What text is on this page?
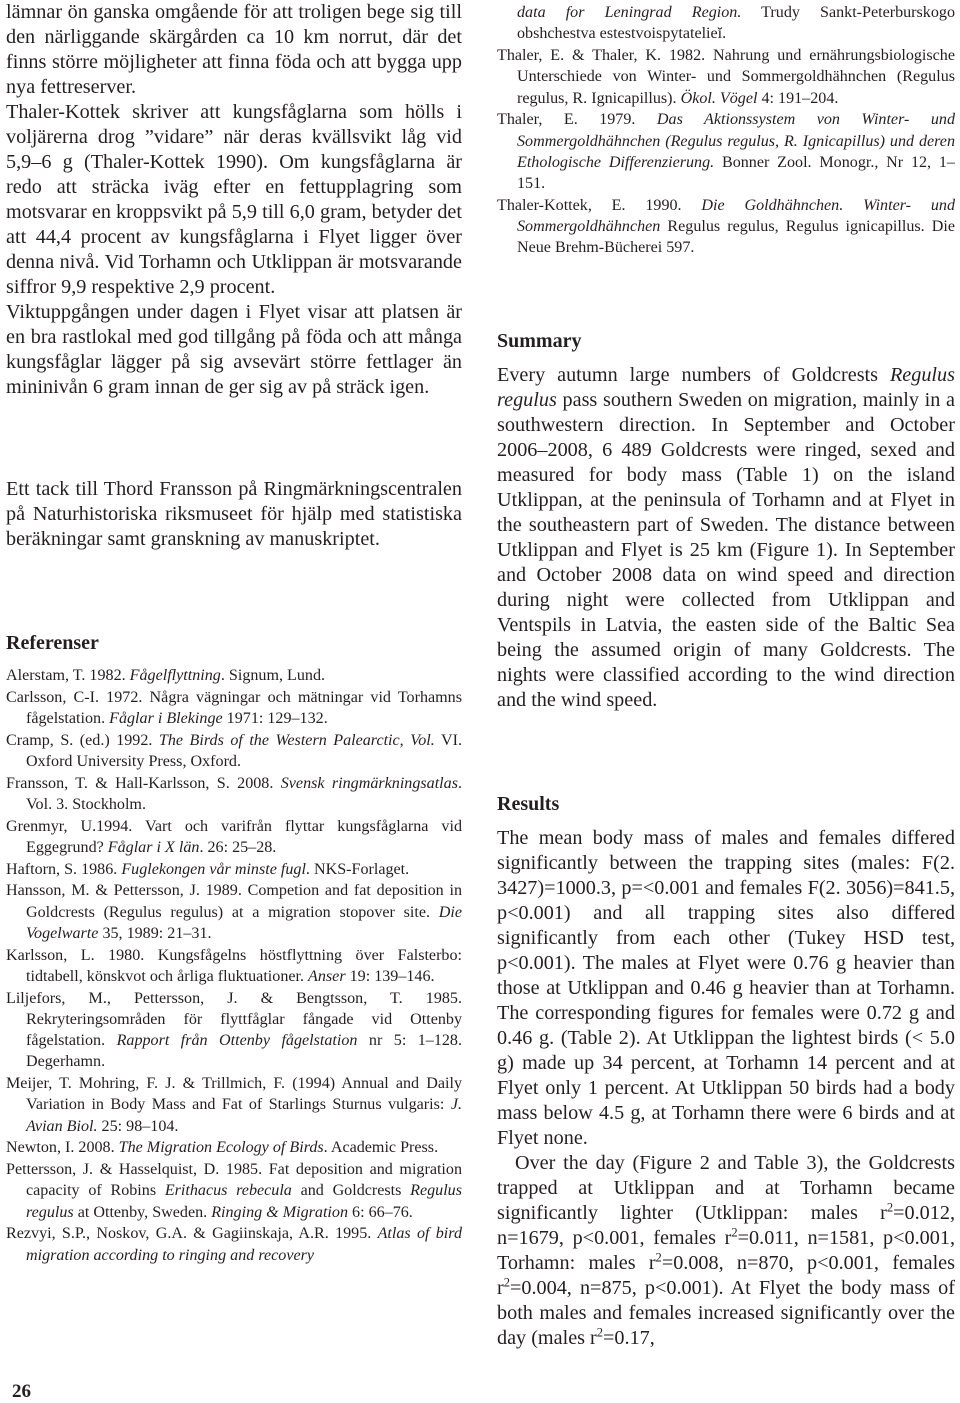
lämnar ön ganska omgående för att troligen bege sig till den närliggande skärgården ca 10 km norrut, där det finns större möjligheter att finna föda och att bygga upp nya fettreserver.
Thaler-Kottek skriver att kungsfåglarna som hölls i voljärerna drog ”vidare” när deras kvällsvikt låg vid 5,9–6 g (Thaler-Kottek 1990). Om kungsfåglarna är redo att sträcka iväg efter en fettupplagring som motsvarar en kroppsvikt på 5,9 till 6,0 gram, betyder det att 44,4 procent av kungsfåglarna i Flyet ligger över denna nivå. Vid Torhamn och Utklippan är motsvarande siffror 9,9 respektive 2,9 procent.
Viktuppgången under dagen i Flyet visar att platsen är en bra rastlokal med god tillgång på föda och att många kungsfåglar lägger på sig avsevärt större fettlager än mininivån 6 gram innan de ger sig av på sträck igen.

Ett tack till Thord Fransson på Ringmärkningscentralen på Naturhistoriska riksmuseet för hjälp med statistiska beräkningar samt granskning av manuskriptet.

Referenser

Alerstam, T. 1982. Fågelflyttning. Signum, Lund.

Carlsson, C-I. 1972. Några vägningar och mätningar vid Torhamns fågelstation. Fåglar i Blekinge 1971: 129–132.

Cramp, S. (ed.) 1992. The Birds of the Western Palearctic, Vol. VI. Oxford University Press, Oxford.

Fransson, T. & Hall-Karlsson, S. 2008. Svensk ringmärkningsatlas. Vol. 3. Stockholm.

Grenmyr, U.1994. Vart och varifrån flyttar kungsfåglarna vid Eggegrund? Fåglar i X län. 26: 25–28.

Haftorn, S. 1986. Fuglekongen vår minste fugl. NKS-Forlaget.

Hansson, M. & Pettersson, J. 1989. Competion and fat deposition in Goldcrests (Regulus regulus) at a migration stopover site. Die Vogelwarte 35, 1989: 21–31.

Karlsson, L. 1980. Kungsfågelns höstflyttning över Falsterbo: tidtabell, könskvot och årliga fluktuationer. Anser 19: 139–146.

Liljefors, M., Pettersson, J. & Bengtsson, T. 1985. Rekryteringsområden för flyttfåglar fångade vid Ottenby fågelstation. Rapport från Ottenby fågelstation nr 5: 1–128. Degerhamn.

Meijer, T. Mohring, F. J. & Trillmich, F. (1994) Annual and Daily Variation in Body Mass and Fat of Starlings Sturnus vulgaris: J. Avian Biol. 25: 98–104.

Newton, I. 2008. The Migration Ecology of Birds. Academic Press.

Pettersson, J. & Hasselquist, D. 1985. Fat deposition and migration capacity of Robins Erithacus rebecula and Goldcrests Regulus regulus at Ottenby, Sweden. Ringing & Migration 6: 66–76.

Rezvyi, S.P., Noskov, G.A. & Gagiinskaja, A.R. 1995. Atlas of bird migration according to ringing and recovery

26

data for Leningrad Region. Trudy Sankt-Peterburskogo obshchestva estestvoispytatelieĭ.

Thaler, E. & Thaler, K. 1982. Nahrung und ernährungsbiologische Unterschiede von Winter- und Sommergoldhähnchen (Regulus regulus, R. Ignicapillus). Ökol. Vögel 4: 191–204.

Thaler, E. 1979. Das Aktionssystem von Winter- und Sommergoldhähnchen (Regulus regulus, R. Ignicapillus) und deren Ethologische Differenzierung. Bonner Zool. Monogr., Nr 12, 1–151.

Thaler-Kottek, E. 1990. Die Goldhähnchen. Winter- und Sommergoldhähnchen Regulus regulus, Regulus ignicapillus. Die Neue Brehm-Bücherei 597.

Summary

Every autumn large numbers of Goldcrests Regulus regulus pass southern Sweden on migration, mainly in a southwestern direction. In September and October 2006–2008, 6 489 Goldcrests were ringed, sexed and measured for body mass (Table 1) on the island Utklippan, at the peninsula of Torhamn and at Flyet in the southeastern part of Sweden. The distance between Utklippan and Flyet is 25 km (Figure 1). In September and October 2008 data on wind speed and direction during night were collected from Utklippan and Ventspils in Latvia, the easten side of the Baltic Sea being the assumed origin of many Goldcrests. The nights were classified according to the wind direction and the wind speed.

Results

The mean body mass of males and females differed significantly between the trapping sites (males: F(2. 3427)=1000.3, p=<0.001 and females F(2. 3056)=841.5, p<0.001) and all trapping sites also differed significantly from each other (Tukey HSD test, p<0.001). The males at Flyet were 0.76 g heavier than those at Utklippan and 0.46 g heavier than at Torhamn. The corresponding figures for females were 0.72 g and 0.46 g. (Table 2). At Utklippan the lightest birds (< 5.0 g) made up 34 percent, at Torhamn 14 percent and at Flyet only 1 percent. At Utklippan 50 birds had a body mass below 4.5 g, at Torhamn there were 6 birds and at Flyet none.
Over the day (Figure 2 and Table 3), the Goldcrests trapped at Utklippan and at Torhamn became significantly lighter (Utklippan: males $r^2=0.012$, n=1679, p<0.001, females $r^2=0.011$, n=1581, p<0.001, Torhamn: males $r^2=0.008$, n=870, p<0.001, females $r^2=0.004$, n=875, p<0.001). At Flyet the body mass of both males and females increased significantly over the day (males $r^2=0.17$,
